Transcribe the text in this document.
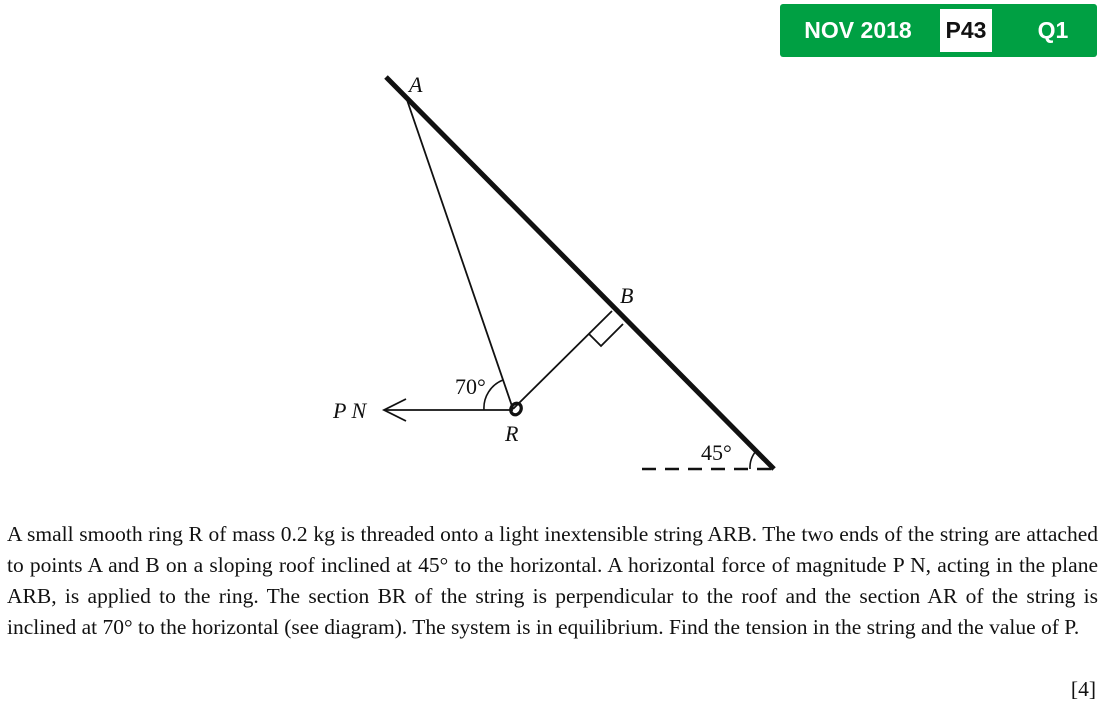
NOV 2018	P43	Q1
A
B
R
P N
70°
45°
A small smooth ring R of mass 0.2 kg is threaded onto a light inextensible string ARB. The two ends of the string are attached to points A and B on a sloping roof inclined at 45° to the horizontal. A horizontal force of magnitude P N, acting in the plane ARB, is applied to the ring. The section BR of the string is perpendicular to the roof and the section AR of the string is inclined at 70° to the horizontal (see diagram). The system is in equilibrium. Find the tension in the string and the value of P.
[4]
